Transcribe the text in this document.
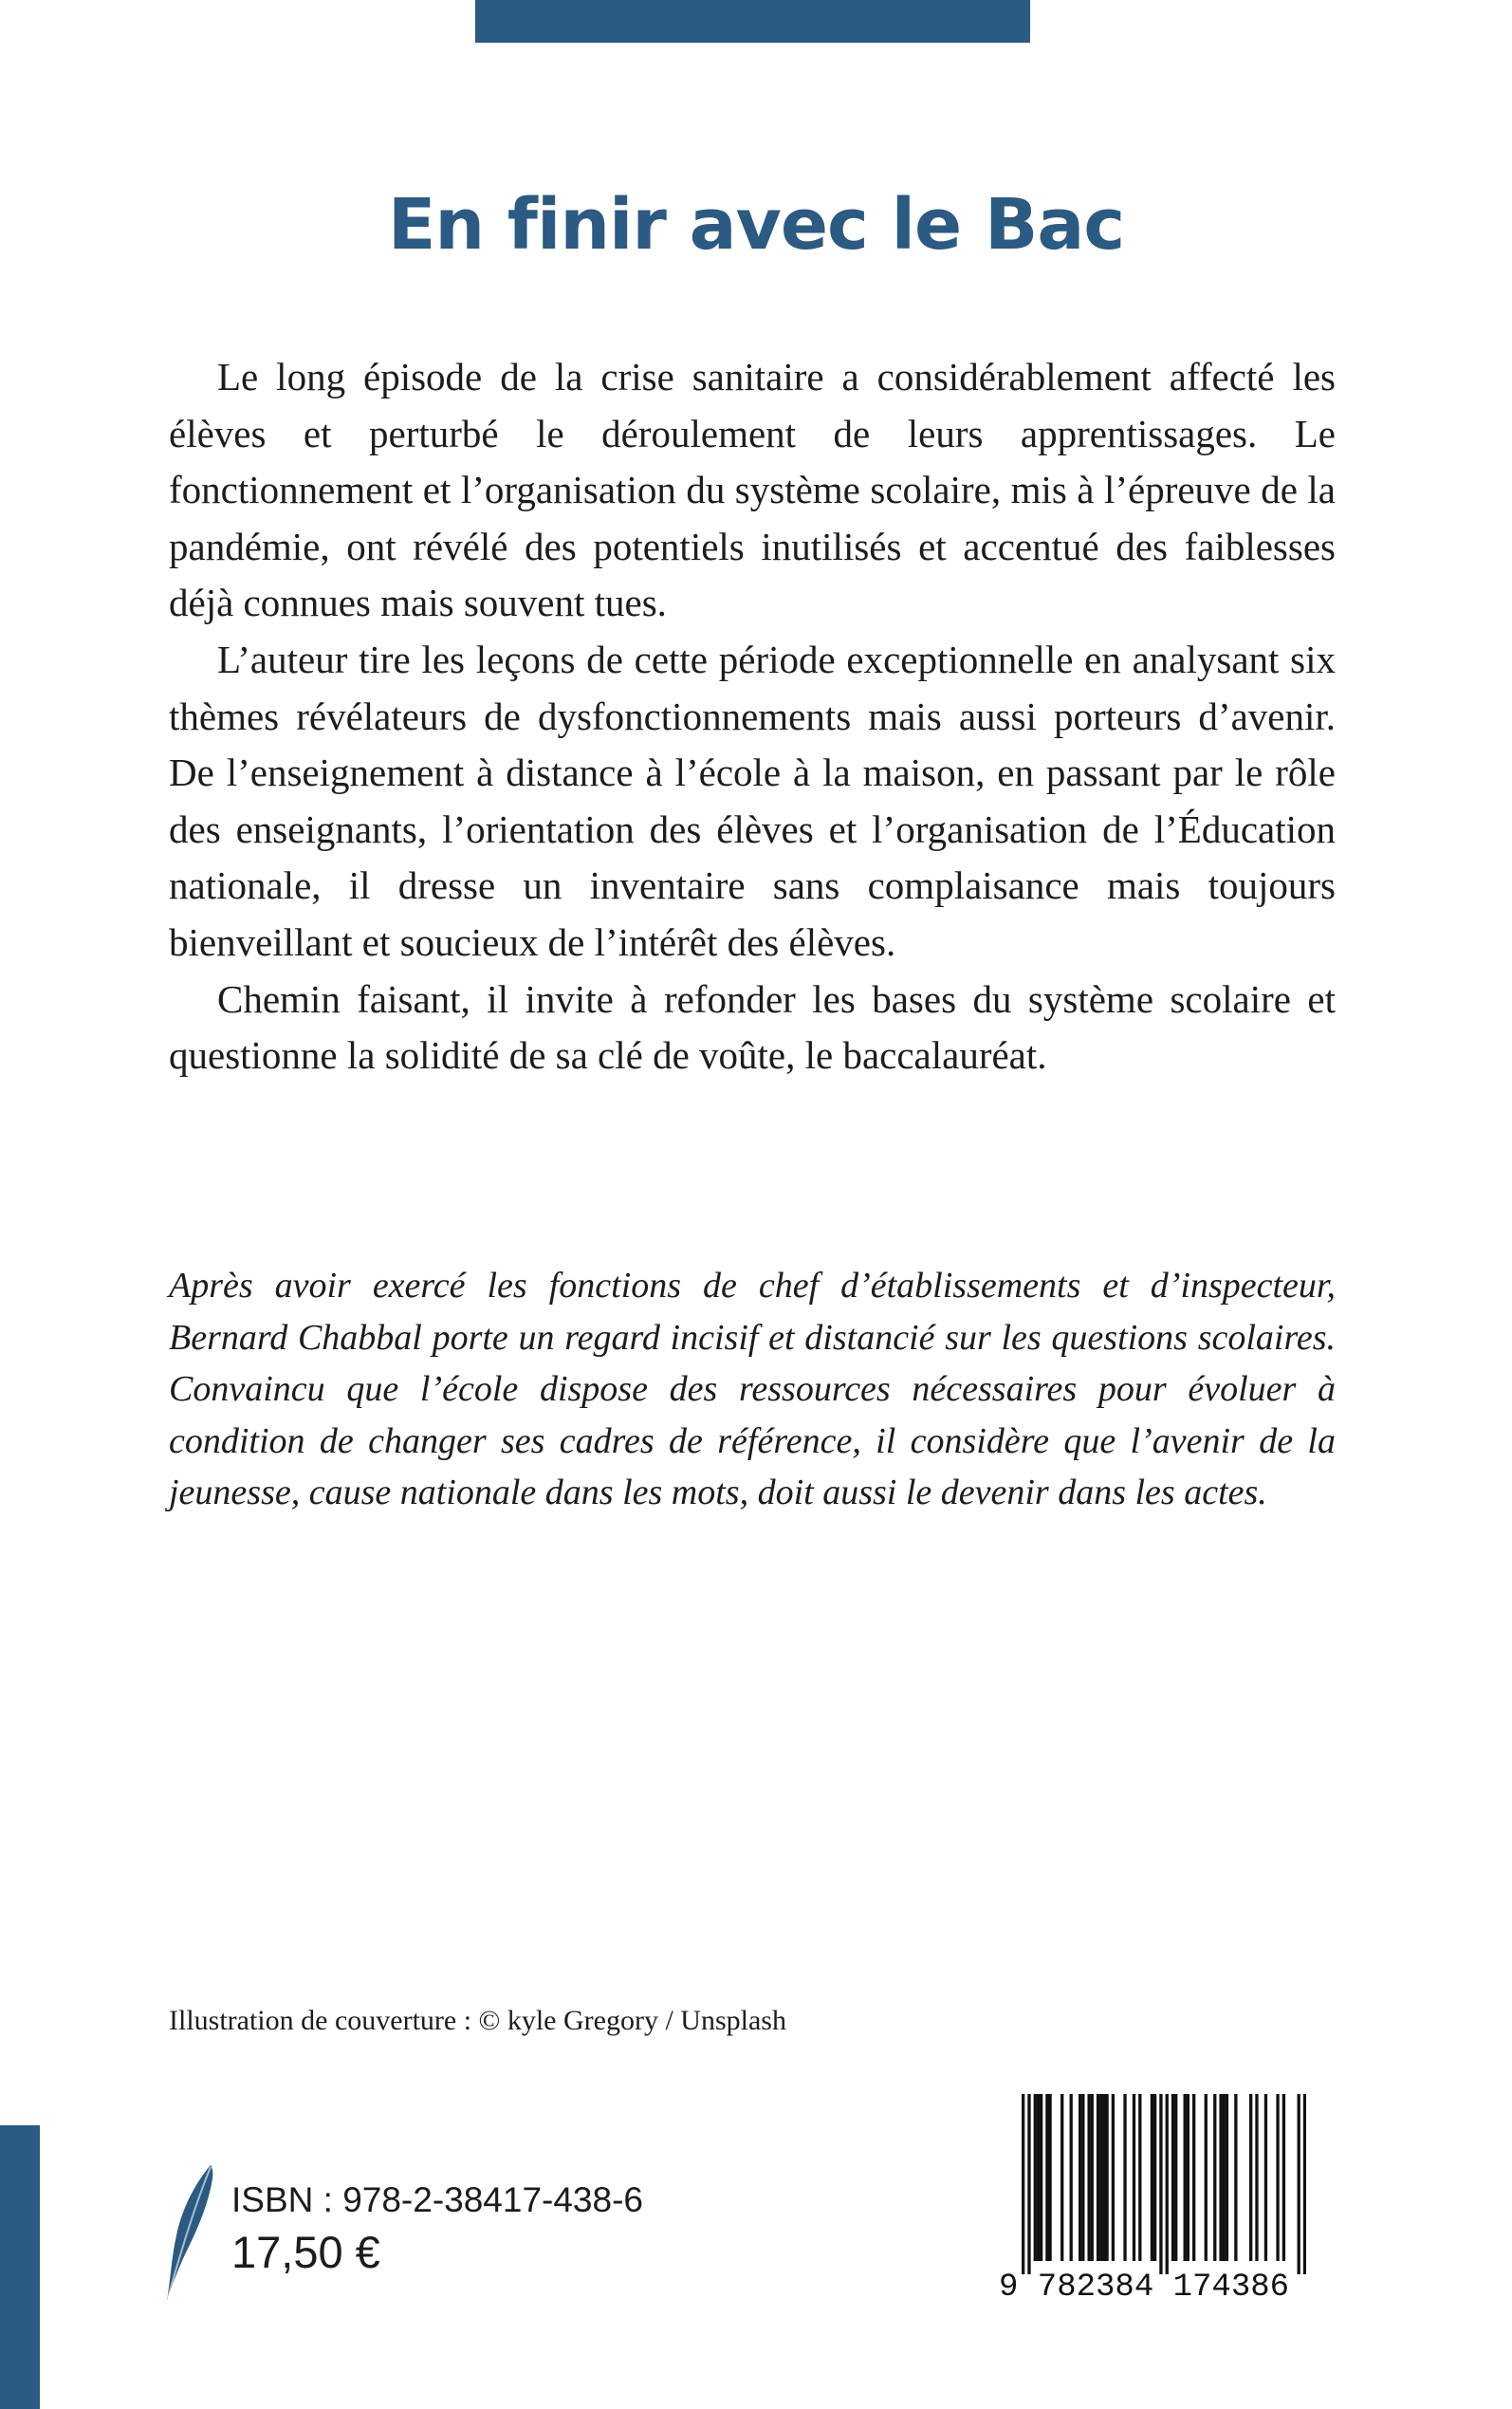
En finir avec le Bac

Le long épisode de la crise sanitaire a considérablement affecté les élèves et perturbé le déroulement de leurs apprentissages. Le fonctionnement et l’organisation du système scolaire, mis à l’épreuve de la pandémie, ont révélé des potentiels inutilisés et accentué des faiblesses déjà connues mais souvent tues.

L’auteur tire les leçons de cette période exceptionnelle en analysant six thèmes révélateurs de dysfonctionnements mais aussi porteurs d’avenir. De l’enseignement à distance à l’école à la maison, en passant par le rôle des enseignants, l’orientation des élèves et l’organisation de l’Éducation nationale, il dresse un inventaire sans complaisance mais toujours bienveillant et soucieux de l’intérêt des élèves.

Chemin faisant, il invite à refonder les bases du système scolaire et questionne la solidité de sa clé de voûte, le baccalauréat.

Après avoir exercé les fonctions de chef d’établissements et d’inspecteur, Bernard Chabbal porte un regard incisif et distancié sur les questions scolaires. Convaincu que l’école dispose des ressources nécessaires pour évoluer à condition de changer ses cadres de référence, il considère que l’avenir de la jeunesse, cause nationale dans les mots, doit aussi le devenir dans les actes.

Illustration de couverture : © kyle Gregory / Unsplash
ISBN : 978-2-38417-438-6
17,50 €
9 782384 174386
